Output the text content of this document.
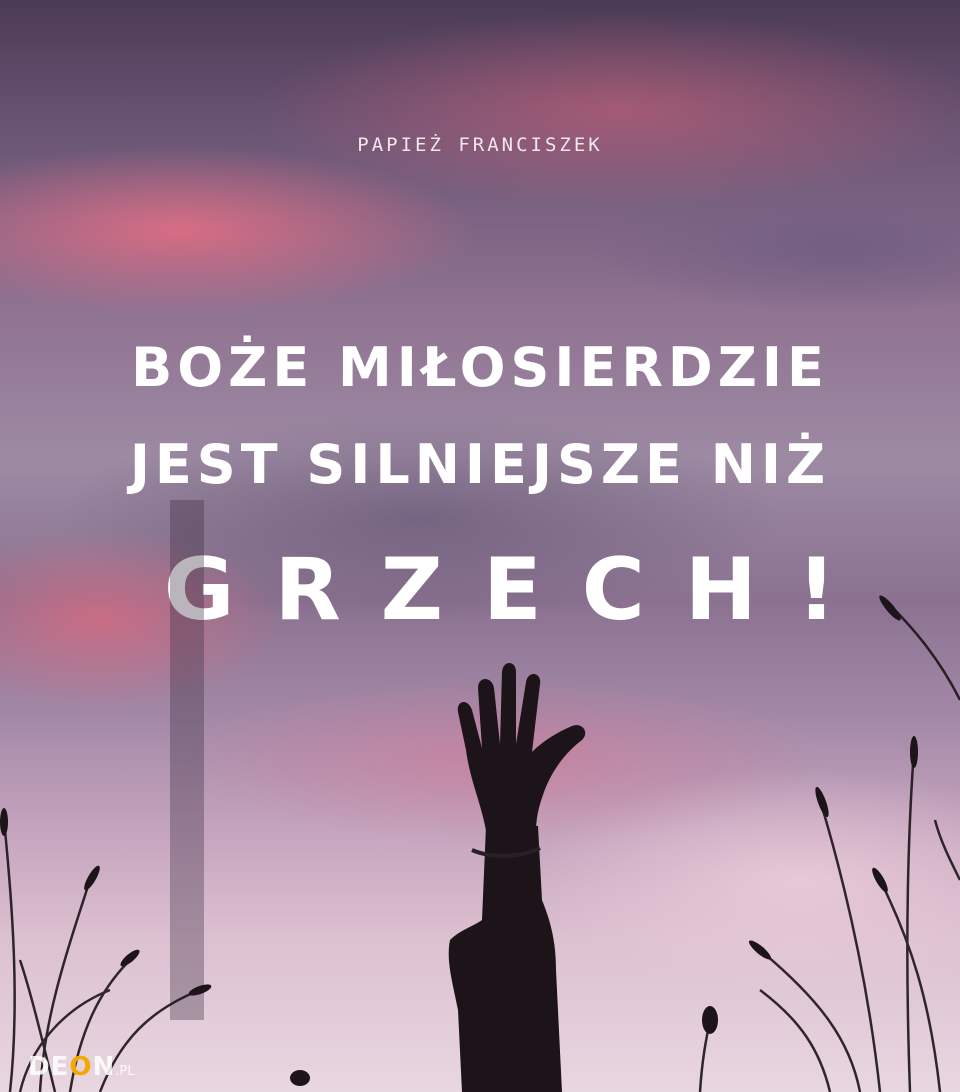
PAPIEŻ FRANCISZEK
BOŻE MIŁOSIERDZIE
JEST SILNIEJSZE NIŻ
GRZECH!
DEON.PL
